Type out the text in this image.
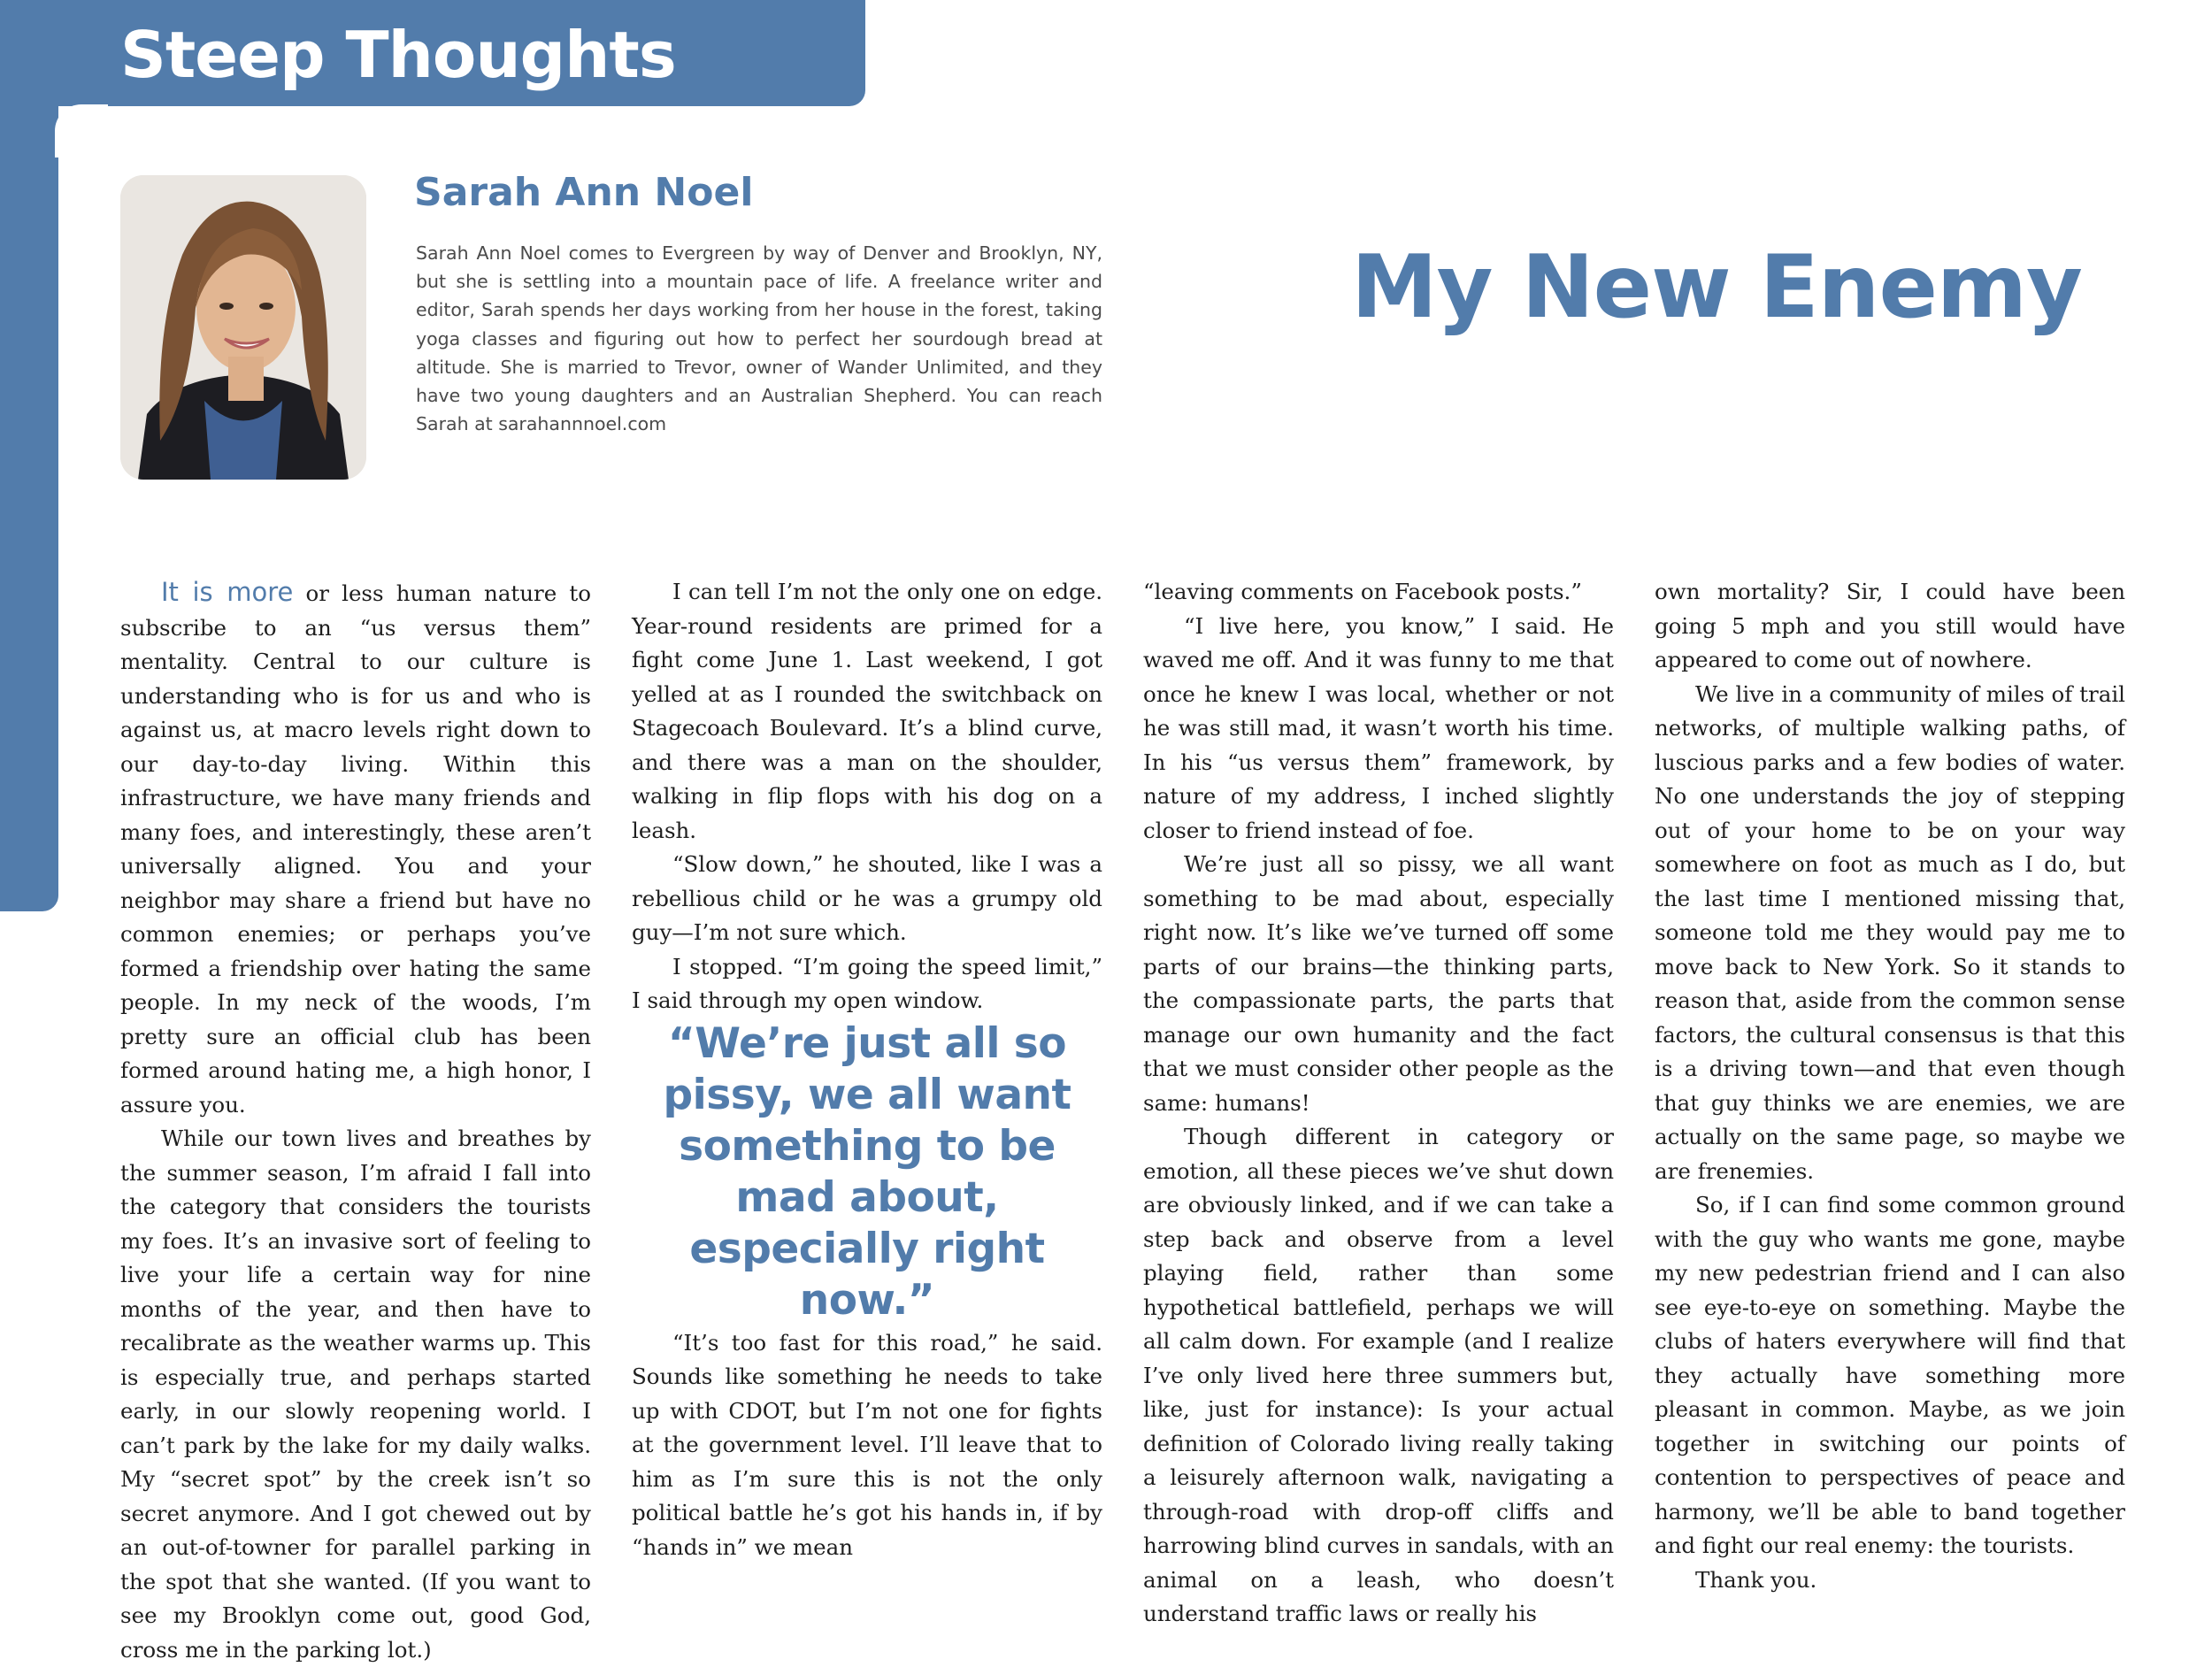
Steep Thoughts
Sarah Ann Noel

Sarah Ann Noel comes to Evergreen by way of Denver and Brooklyn, NY, but she is settling into a mountain pace of life. A freelance writer and editor, Sarah spends her days working from her house in the forest, taking yoga classes and figuring out how to perfect her sourdough bread at altitude. She is married to Trevor, owner of Wander Unlimited, and they have two young daughters and an Australian Shepherd. You can reach Sarah at sarahannnoel.com

My New Enemy

It is more or less human nature to subscribe to an “us versus them” mentality. Central to our culture is understanding who is for us and who is against us, at macro levels right down to our day-to-day living. Within this infrastructure, we have many friends and many foes, and interestingly, these aren’t universally aligned. You and your neighbor may share a friend but have no common enemies; or perhaps you’ve formed a friendship over hating the same people. In my neck of the woods, I’m pretty sure an official club has been formed around hating me, a high honor, I assure you.

While our town lives and breathes by the summer season, I’m afraid I fall into the category that considers the tourists my foes. It’s an invasive sort of feeling to live your life a certain way for nine months of the year, and then have to recalibrate as the weather warms up. This is especially true, and perhaps started early, in our slowly reopening world. I can’t park by the lake for my daily walks. My “secret spot” by the creek isn’t so secret anymore. And I got chewed out by an out-of-towner for parallel parking in the spot that she wanted. (If you want to see my Brooklyn come out, good God, cross me in the parking lot.)

I can tell I’m not the only one on edge. Year-round residents are primed for a fight come June 1. Last weekend, I got yelled at as I rounded the switchback on Stagecoach Boulevard. It’s a blind curve, and there was a man on the shoulder, walking in flip flops with his dog on a leash.

“Slow down,” he shouted, like I was a rebellious child or he was a grumpy old guy—I’m not sure which.

I stopped. “I’m going the speed limit,” I said through my open window.

“We’re just all so pissy, we all want something to be mad about, especially right now.”

“It’s too fast for this road,” he said. Sounds like something he needs to take up with CDOT, but I’m not one for fights at the government level. I’ll leave that to him as I’m sure this is not the only political battle he’s got his hands in, if by “hands in” we mean

“leaving comments on Facebook posts.”

“I live here, you know,” I said. He waved me off. And it was funny to me that once he knew I was local, whether or not he was still mad, it wasn’t worth his time. In his “us versus them” framework, by nature of my address, I inched slightly closer to friend instead of foe.

We’re just all so pissy, we all want something to be mad about, especially right now. It’s like we’ve turned off some parts of our brains—the thinking parts, the compassionate parts, the parts that manage our own humanity and the fact that we must consider other people as the same: humans!

Though different in category or emotion, all these pieces we’ve shut down are obviously linked, and if we can take a step back and observe from a level playing field, rather than some hypothetical battlefield, perhaps we will all calm down. For example (and I realize I’ve only lived here three summers but, like, just for instance): Is your actual definition of Colorado living really taking a leisurely afternoon walk, navigating a through-road with drop-off cliffs and harrowing blind curves in sandals, with an animal on a leash, who doesn’t understand traffic laws or really his

own mortality? Sir, I could have been going 5 mph and you still would have appeared to come out of nowhere.

We live in a community of miles of trail networks, of multiple walking paths, of luscious parks and a few bodies of water. No one understands the joy of stepping out of your home to be on your way somewhere on foot as much as I do, but the last time I mentioned missing that, someone told me they would pay me to move back to New York. So it stands to reason that, aside from the common sense factors, the cultural consensus is that this is a driving town—and that even though that guy thinks we are enemies, we are actually on the same page, so maybe we are frenemies.

So, if I can find some common ground with the guy who wants me gone, maybe my new pedestrian friend and I can also see eye-to-eye on something. Maybe the clubs of haters everywhere will find that they actually have something more pleasant in common. Maybe, as we join together in switching our points of contention to perspectives of peace and harmony, we’ll be able to band together and fight our real enemy: the tourists.

Thank you.
